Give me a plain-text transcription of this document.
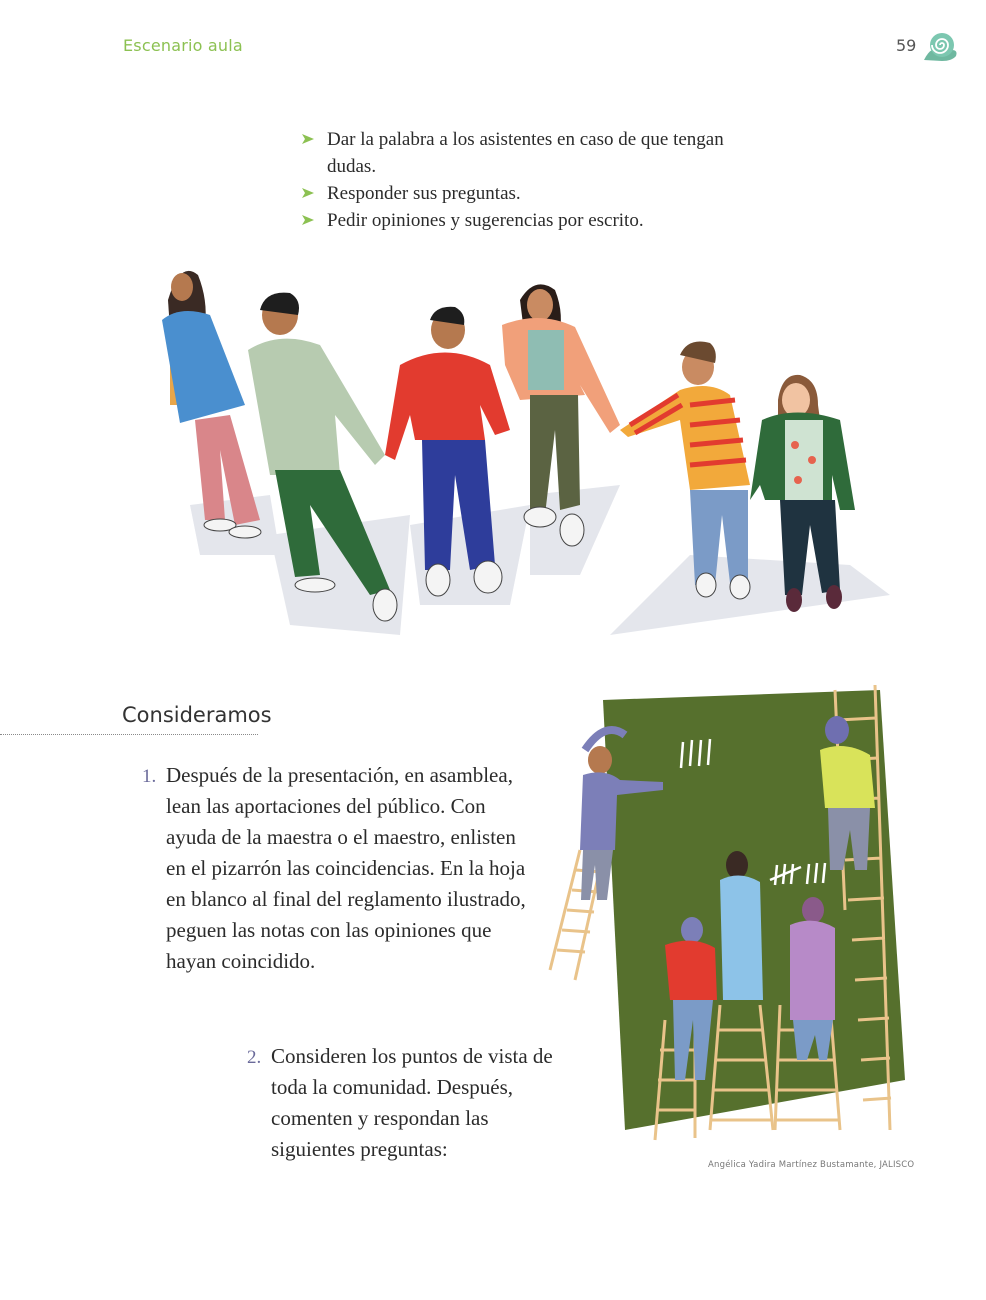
Escenario aula	59
Dar la palabra a los asistentes en caso de que tengan dudas.
Responder sus preguntas.
Pedir opiniones y sugerencias por escrito.
Consideramos
1. Después de la presentación, en asamblea, lean las aportaciones del público. Con ayuda de la maestra o el maestro, enlisten en el pizarrón las coincidencias. En la hoja en blanco al final del reglamento ilustrado, peguen las notas con las opiniones que hayan coincidido.
2. Consideren los puntos de vista de toda la comunidad. Después, comenten y respondan las siguientes preguntas:
Angélica Yadira Martínez Bustamante, JALISCO
